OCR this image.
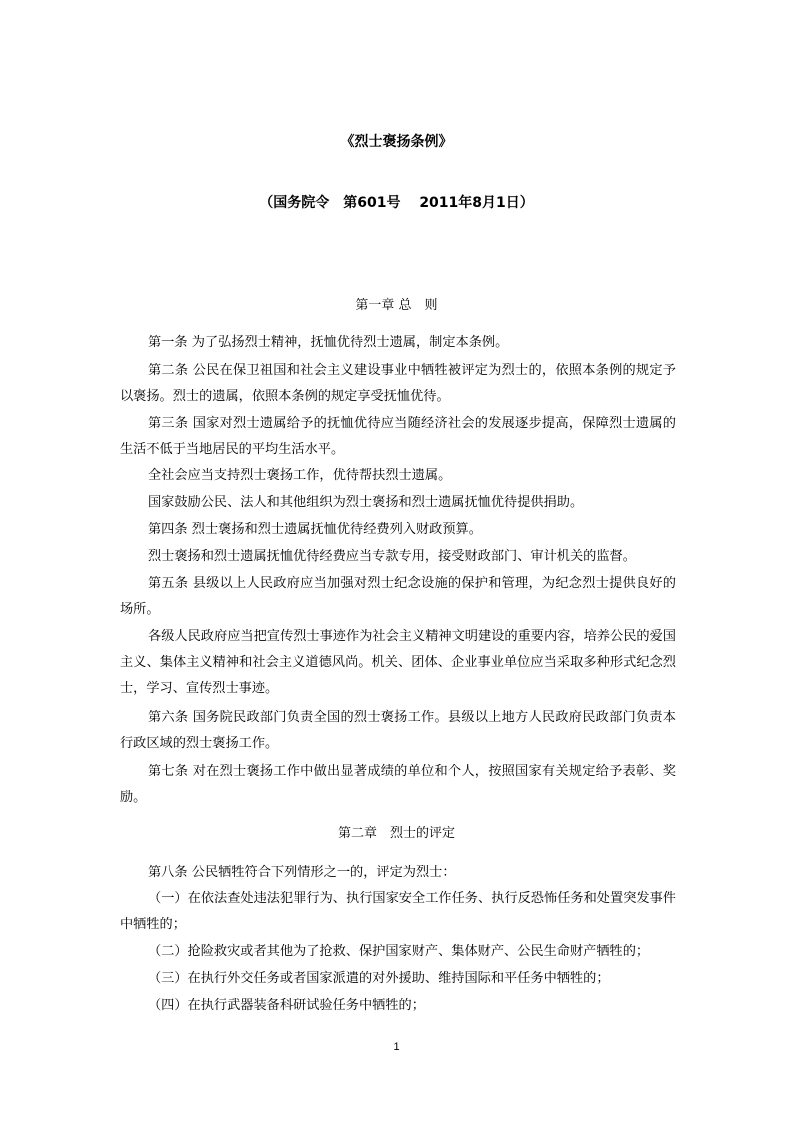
《烈士褒扬条例》
（国务院令　第601号　 2011年8月1日）
第一章 总　则

第一条 为了弘扬烈士精神，抚恤优待烈士遗属，制定本条例。

第二条 公民在保卫祖国和社会主义建设事业中牺牲被评定为烈士的，依照本条例的规定予以褒扬。烈士的遗属，依照本条例的规定享受抚恤优待。

第三条 国家对烈士遗属给予的抚恤优待应当随经济社会的发展逐步提高，保障烈士遗属的生活不低于当地居民的平均生活水平。

全社会应当支持烈士褒扬工作，优待帮扶烈士遗属。

国家鼓励公民、法人和其他组织为烈士褒扬和烈士遗属抚恤优待提供捐助。

第四条 烈士褒扬和烈士遗属抚恤优待经费列入财政预算。

烈士褒扬和烈士遗属抚恤优待经费应当专款专用，接受财政部门、审计机关的监督。

第五条 县级以上人民政府应当加强对烈士纪念设施的保护和管理，为纪念烈士提供良好的场所。

各级人民政府应当把宣传烈士事迹作为社会主义精神文明建设的重要内容，培养公民的爱国主义、集体主义精神和社会主义道德风尚。机关、团体、企业事业单位应当采取多种形式纪念烈士，学习、宣传烈士事迹。

第六条 国务院民政部门负责全国的烈士褒扬工作。县级以上地方人民政府民政部门负责本行政区域的烈士褒扬工作。

第七条 对在烈士褒扬工作中做出显著成绩的单位和个人，按照国家有关规定给予表彰、奖励。

第二章　烈士的评定

第八条 公民牺牲符合下列情形之一的，评定为烈士：

（一）在依法查处违法犯罪行为、执行国家安全工作任务、执行反恐怖任务和处置突发事件中牺牲的；

（二）抢险救灾或者其他为了抢救、保护国家财产、集体财产、公民生命财产牺牲的；

（三）在执行外交任务或者国家派遣的对外援助、维持国际和平任务中牺牲的；

（四）在执行武器装备科研试验任务中牺牲的；

1
